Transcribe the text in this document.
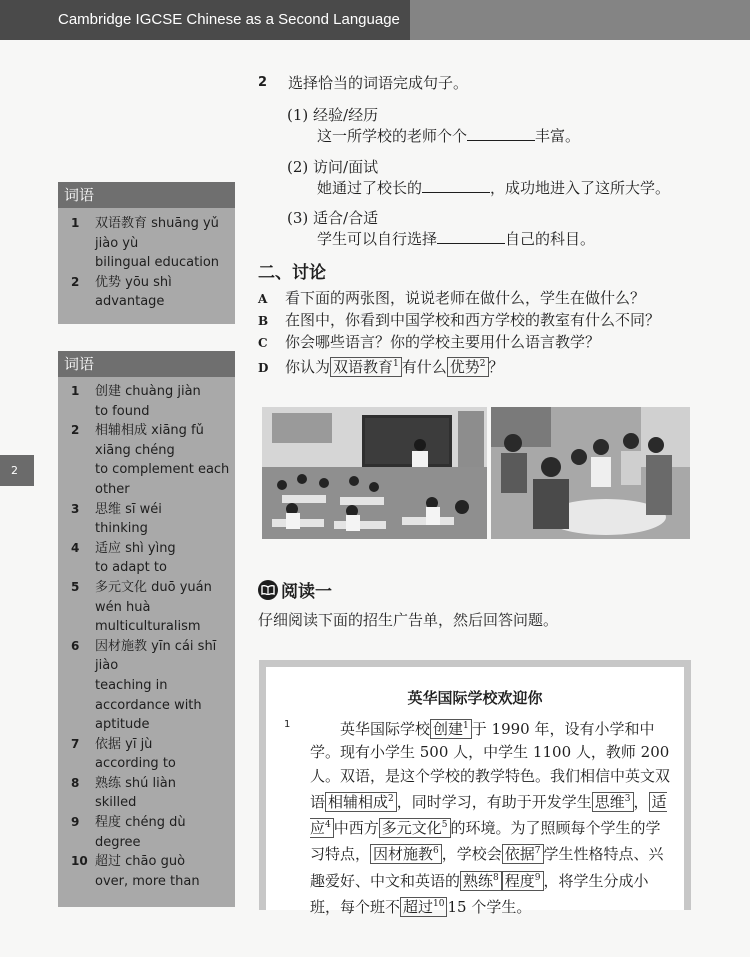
Cambridge IGCSE Chinese as a Second Language
2
词语
1 双语教育 shuāng yǔ jiào yù
bilingual education
2 优势 yōu shì
advantage
词语
1 创建 chuàng jiàn
to found
2 相辅相成 xiāng fǔ xiāng chéng
to complement each other
3 思维 sī wéi
thinking
4 适应 shì yìng
to adapt to
5 多元文化 duō yuán wén huà
multiculturalism
6 因材施教 yīn cái shī jiào
teaching in accordance with aptitude
7 依据 yī jù
according to
8 熟练 shú liàn
skilled
9 程度 chéng dù
degree
10 超过 chāo guò
over, more than
2 选择恰当的词语完成句子。
(1) 经验/经历
这一所学校的老师个个	丰富。
(2) 访问/面试
她通过了校长的	，成功地进入了这所大学。
(3) 适合/合适
学生可以自行选择	自己的科目。
二、讨论
A 看下面的两张图，说说老师在做什么，学生在做什么？
B 在图中，你看到中国学校和西方学校的教室有什么不同？
C 你会哪些语言？你的学校主要用什么语言教学？
D 你认为 双语教育$^1$ 有什么 优势$^2$ ？
阅读一
仔细阅读下面的招生广告单，然后回答问题。
英华国际学校欢迎你
1	英华国际学校 创建$^1$ 于 1990 年，设有小学和中学。现有小学生 500 人，中学生 1100 人，教师 200 人。双语，是这个学校的教学特色。我们相信中英文双语 相辅相成$^2$ ，同时学习，有助于开发学生 思维$^3$ ， 适应$^4$ 中西方 多元文化$^5$ 的环境。为了照顾每个学生的学习特点， 因材施教$^6$ ，学校会 依据$^7$ 学生性格特点、兴趣爱好、中文和英语的 熟练$^8$ 程度$^9$ ，将学生分成小班，每个班不 超过$^{10}$ 15 个学生。
